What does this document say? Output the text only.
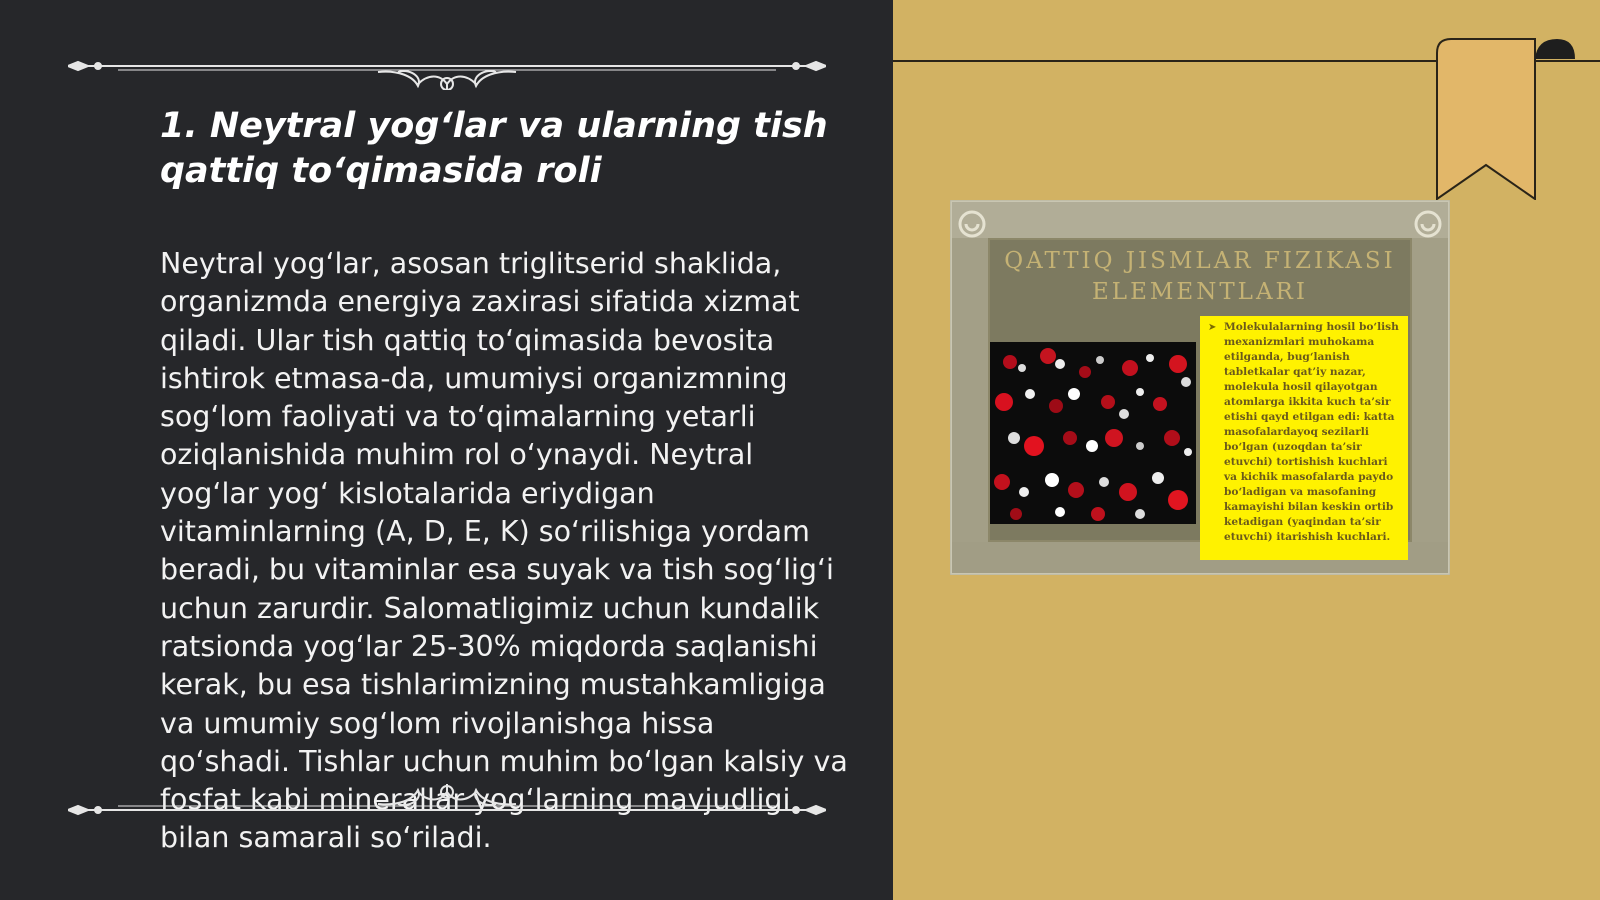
1. Neytral yog‘lar va ularning tish qattiq to‘qimasida roli

Neytral yog‘lar, asosan triglitserid shaklida, organizmda energiya zaxirasi sifatida xizmat qiladi. Ular tish qattiq to‘qimasida bevosita ishtirok etmasa-da, umumiysi organizmning sog‘lom faoliyati va to‘qimalarning yetarli oziqlanishida muhim rol o‘ynaydi. Neytral yog‘lar yog‘ kislotalarida eriydigan vitaminlarning (A, D, E, K) so‘rilishiga yordam beradi, bu vitaminlar esa suyak va tish sog‘lig‘i uchun zarurdir. Salomatligimiz uchun kundalik ratsionda yog‘lar 25-30% miqdorda saqlanishi kerak, bu esa tishlarimizning mustahkamligiga va umumiy sog‘lom rivojlanishga hissa qo‘shadi. Tishlar uchun muhim bo‘lgan kalsiy va fosfat kabi minerallar yog‘larning mavjudligi bilan samarali so‘riladi.

QATTIQ JISMLAR FIZIKASI ELEMENTLARI
➤ Molekulalarning hosil bo‘lish mexanizmlari muhokama etilganda, bug‘lanish tabletkalar qat’iy nazar, molekula hosil qilayotgan atomlarga ikkita kuch ta’sir etishi qayd etilgan edi: katta masofalardayoq sezilarli bo‘lgan (uzoqdan ta’sir etuvchi) tortishish kuchlari va kichik masofalarda paydo bo‘ladigan va masofaning kamayishi bilan keskin ortib ketadigan (yaqindan ta’sir etuvchi) itarishish kuchlari.
